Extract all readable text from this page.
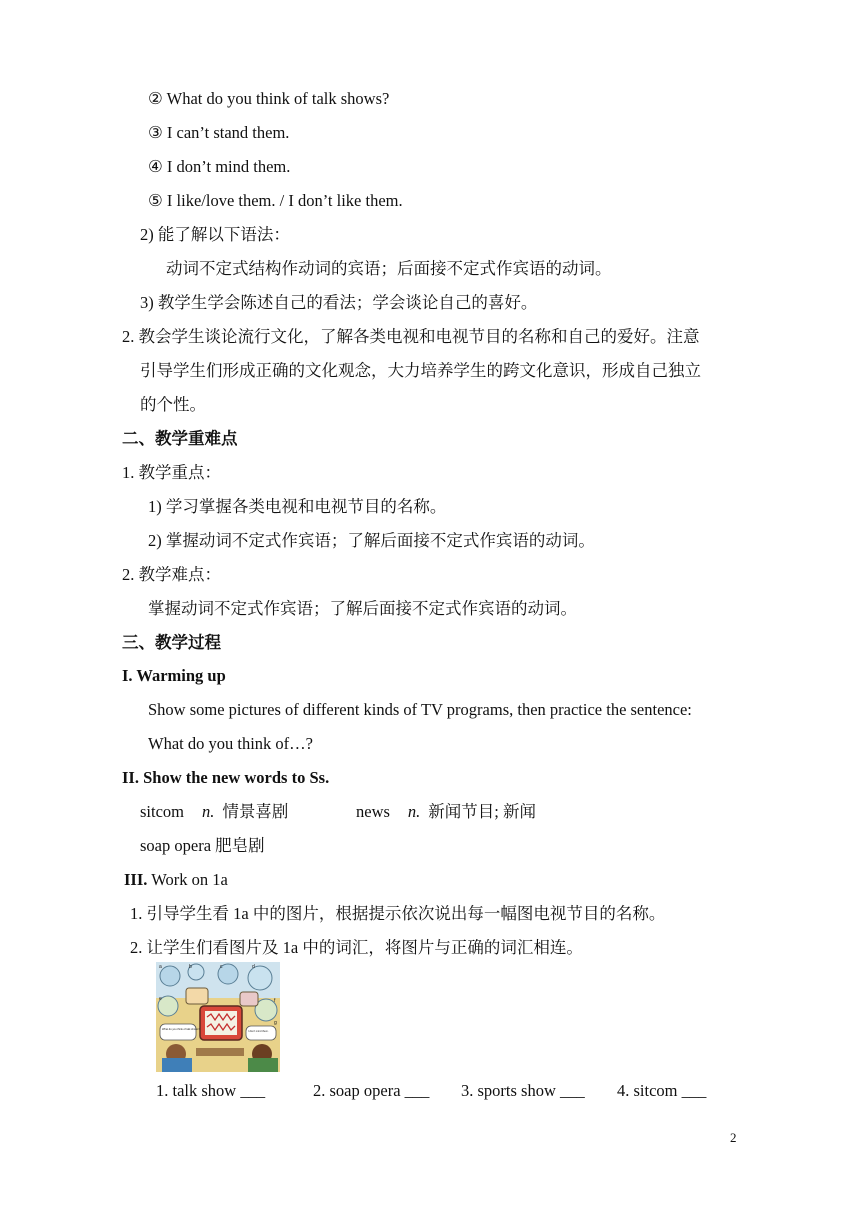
② What do you think of talk shows?
③ I can’t stand them.
④ I don’t mind them.
⑤ I like/love them. / I don’t like them.
2) 能了解以下语法：
动词不定式结构作动词的宾语；后面接不定式作宾语的动词。
3) 教学生学会陈述自己的看法；学会谈论自己的喜好。
2. 教会学生谈论流行文化，了解各类电视和电视节目的名称和自己的爱好。注意
引导学生们形成正确的文化观念，大力培养学生的跨文化意识，形成自己独立
的个性。
二、教学重难点
1. 教学重点：
1) 学习掌握各类电视和电视节目的名称。
2) 掌握动词不定式作宾语；了解后面接不定式作宾语的动词。
2. 教学难点：
掌握动词不定式作宾语；了解后面接不定式作宾语的动词。
三、教学过程
I. Warming up
Show some pictures of different kinds of TV programs, then practice the sentence:
What do you think of…?
II. Show the new words to Ss.
sitcom n. 情景喜剧	news n. 新闻节目; 新闻
soap opera 肥皂剧
III. Work on 1a
1. 引导学生看 1a 中的图片，根据提示依次说出每一幅图电视节目的名称。
2. 让学生们看图片及 1a 中的词汇，将图片与正确的词汇相连。
a	b	c	d
e	f
g
What do you think of talk shows?
I don’t mind them.
1. talk show ___	2. soap opera ___ 3. sports show ___ 4. sitcom ___
2
